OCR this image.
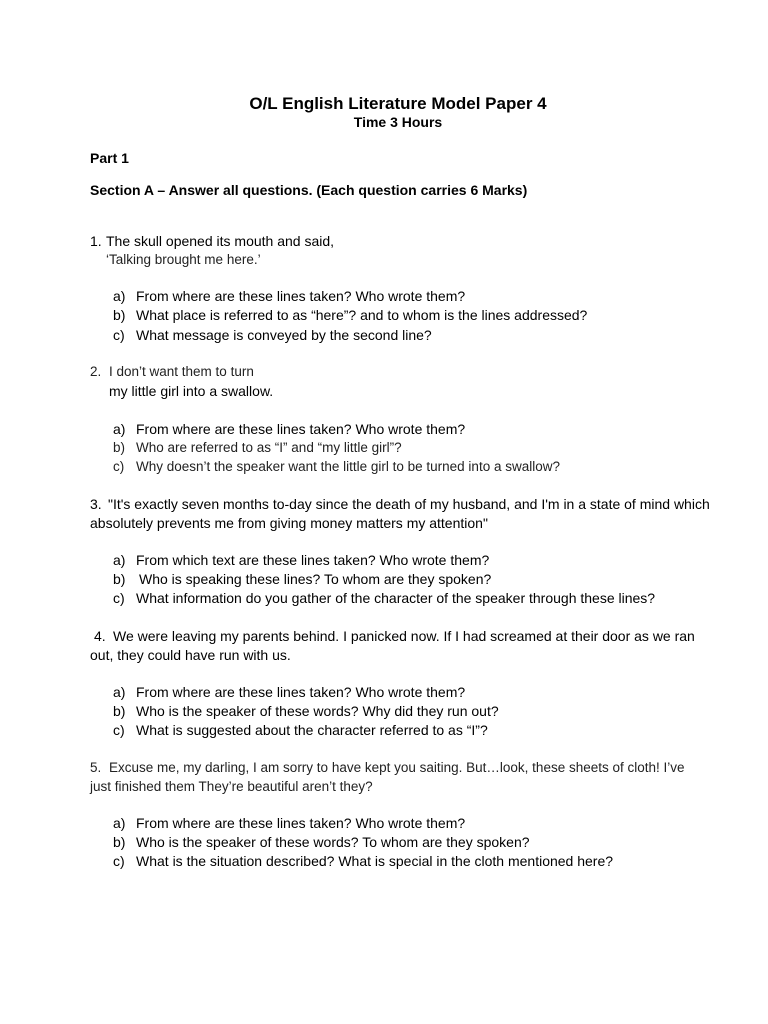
O/L English Literature Model Paper 4
Time 3 Hours
Part 1
Section A – Answer all questions. (Each question carries 6 Marks)
1. The skull opened its mouth and said,
‘Talking brought me here.’
a) From where are these lines taken? Who wrote them?
b) What place is referred to as “here”? and to whom is the lines addressed?
c) What message is conveyed by the second line?
2. I don’t want them to turn
my little girl into a swallow.
a) From where are these lines taken? Who wrote them?
b) Who are referred to as “I” and “my little girl”?
c) Why doesn’t the speaker want the little girl to be turned into a swallow?
3. "It's exactly seven months to-day since the death of my husband, and I'm in a state of mind which
absolutely prevents me from giving money matters my attention"
a) From which text are these lines taken? Who wrote them?
b) Who is speaking these lines? To whom are they spoken?
c) What information do you gather of the character of the speaker through these lines?
4. We were leaving my parents behind. I panicked now. If I had screamed at their door as we ran
out, they could have run with us.
a) From where are these lines taken? Who wrote them?
b) Who is the speaker of these words? Why did they run out?
c) What is suggested about the character referred to as “I”?
5. Excuse me, my darling, I am sorry to have kept you saiting. But…look, these sheets of cloth! I’ve
just finished them They’re beautiful aren’t they?
a) From where are these lines taken? Who wrote them?
b) Who is the speaker of these words? To whom are they spoken?
c) What is the situation described? What is special in the cloth mentioned here?
